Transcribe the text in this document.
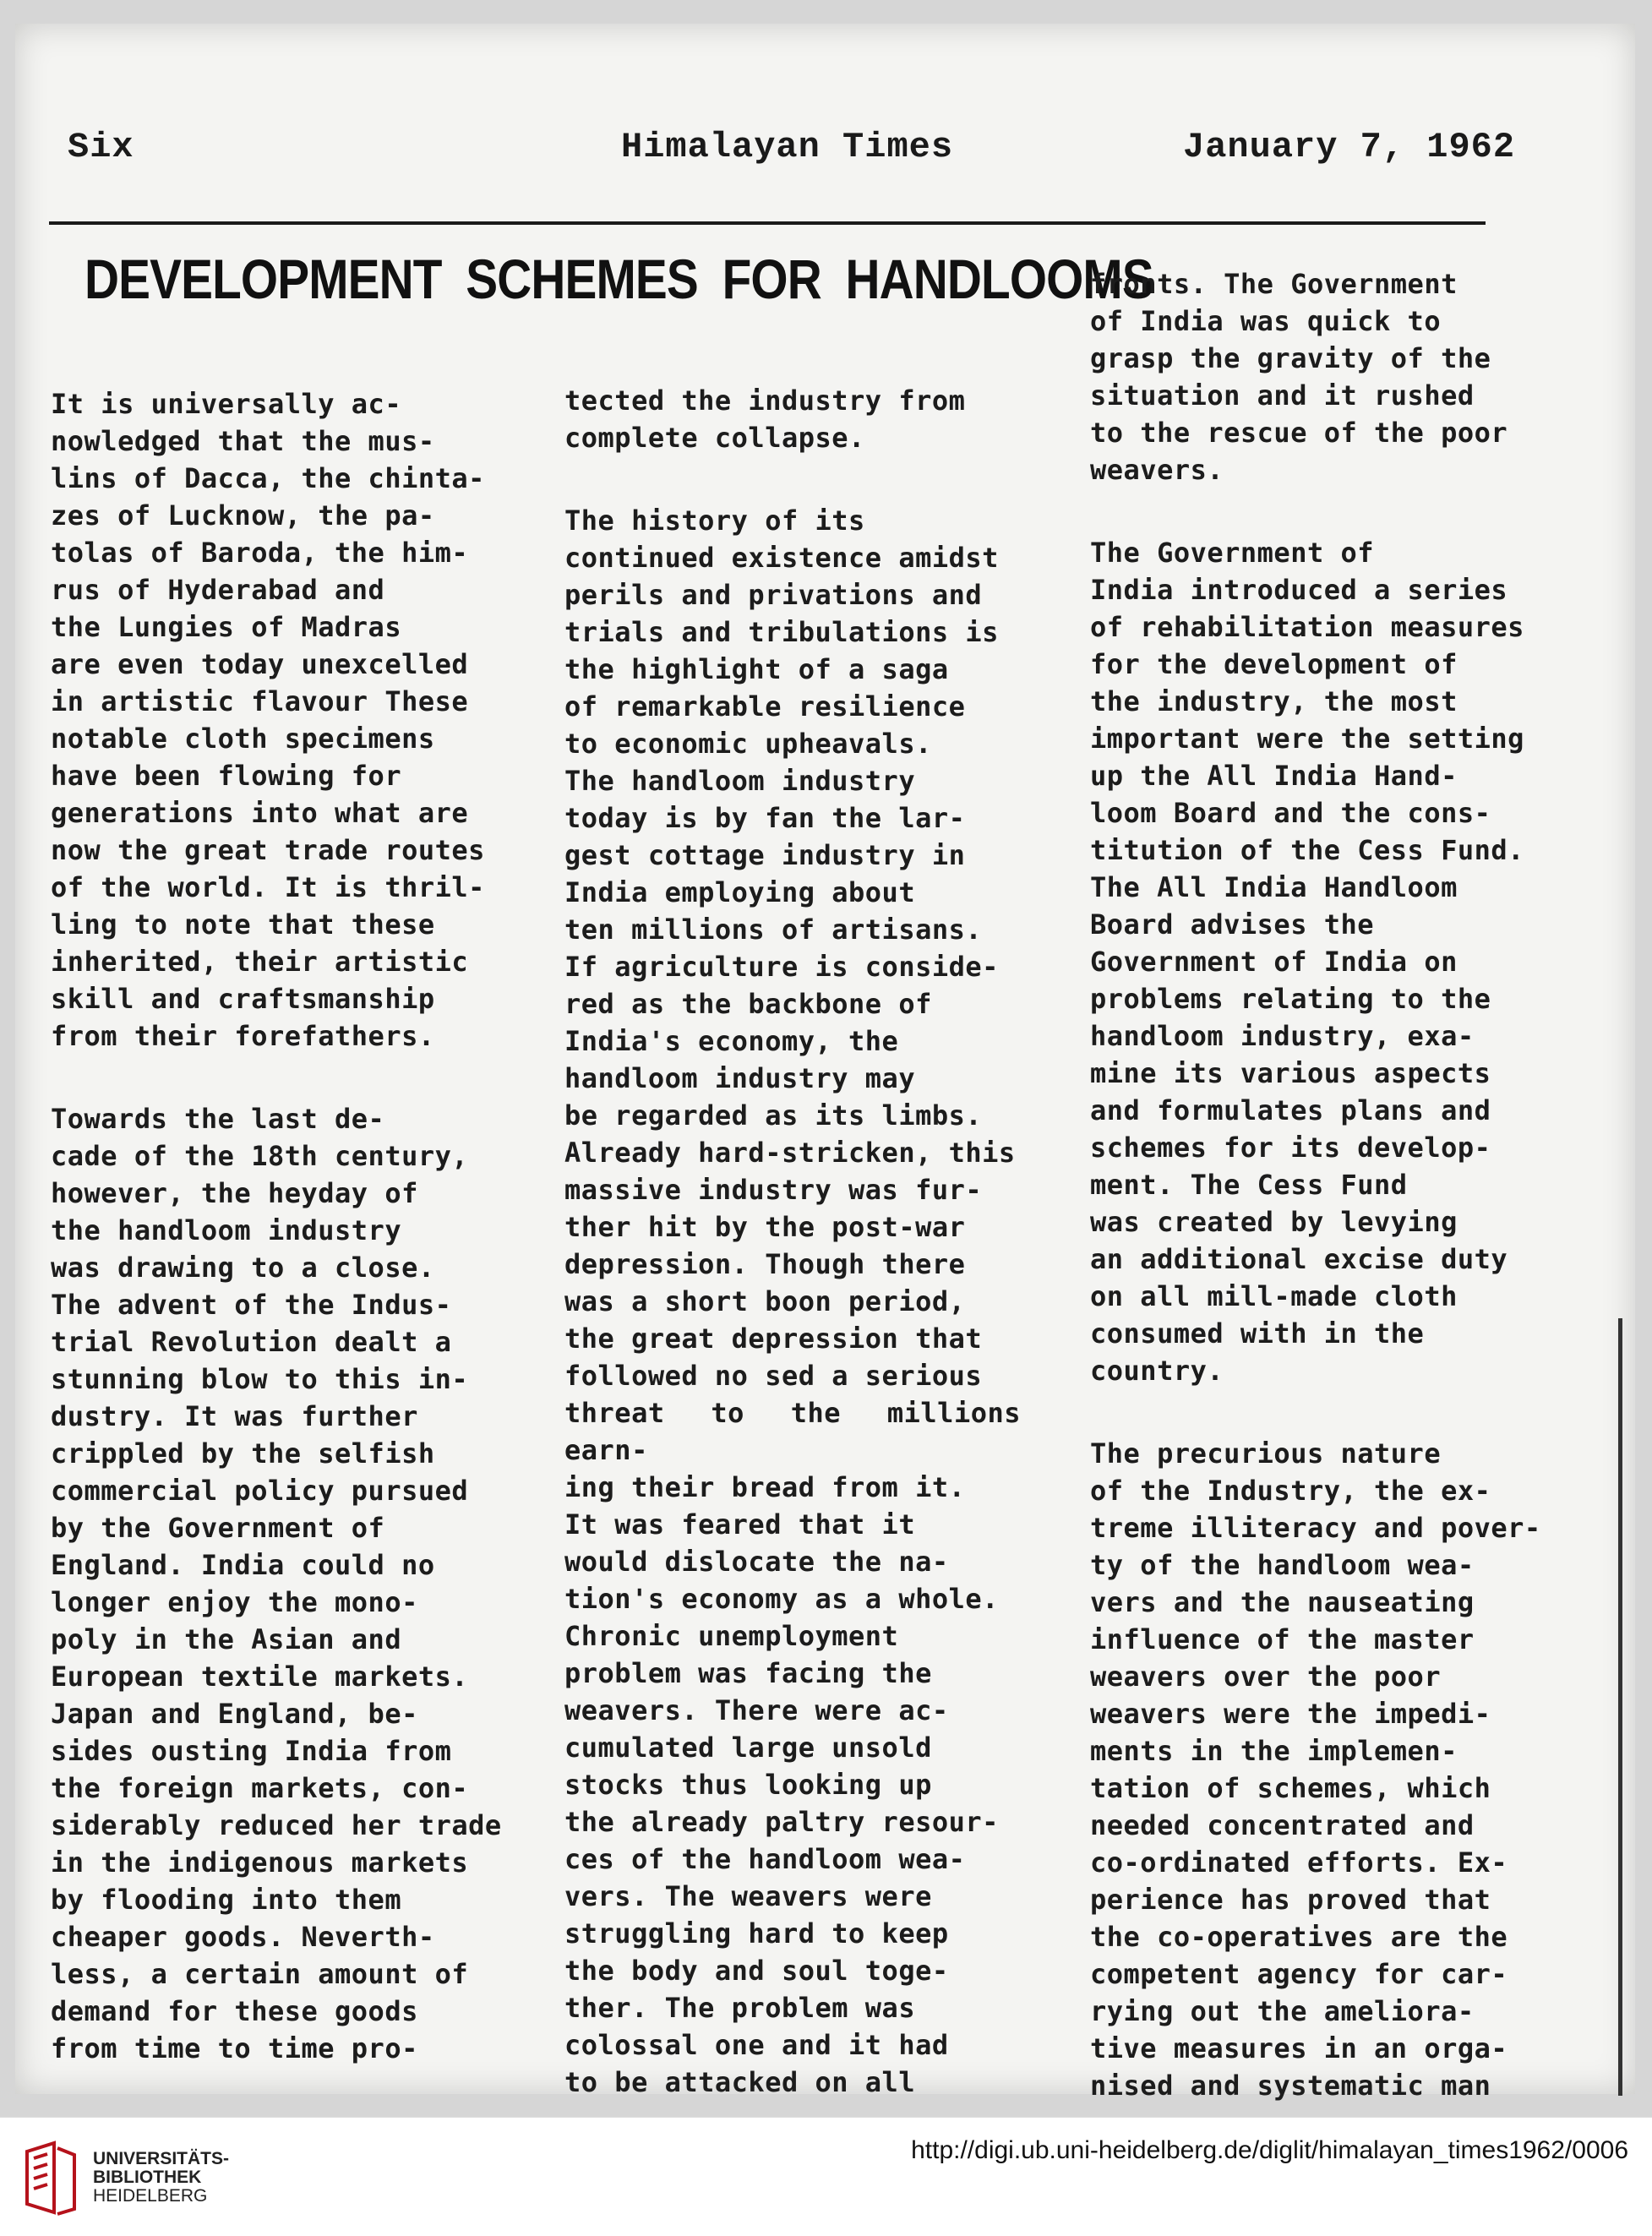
Six	Himalayan Times	January 7, 1962
DEVELOPMENT SCHEMES FOR HANDLOOMS

It is universally ac-
nowledged that the mus-
lins of Dacca, the chinta-
zes of Lucknow, the pa-
tolas of Baroda, the him-
rus of Hyderabad and
the Lungies of Madras
are even today unexcelled
in artistic flavour These
notable cloth specimens
have been flowing for
generations into what are
now the great trade routes
of the world. It is thril-
ling to note that these
inherited, their artistic
skill and craftsmanship
from their forefathers.

Towards the last de-
cade of the 18th century,
however, the heyday of
the handloom industry
was drawing to a close.
The advent of the Indus-
trial Revolution dealt a
stunning blow to this in-
dustry. It was further
crippled by the selfish
commercial policy pursued
by the Government of
England. India could no
longer enjoy the mono-
poly in the Asian and
European textile markets.
Japan and England, be-
sides ousting India from
the foreign markets, con-
siderably reduced her trade
in the indigenous markets
by flooding into them
cheaper goods. Neverth-
less, a certain amount of
demand for these goods
from time to time pro-

tected the industry from
complete collapse.

The history of its
continued existence amidst
perils and privations and
trials and tribulations is
the highlight of a saga
of remarkable resilience
to economic upheavals.
The handloom industry
today is by fan the lar-
gest cottage industry in
India employing about
ten millions of artisans.
If agriculture is conside-
red as the backbone of
India's economy, the
handloom industry may
be regarded as its limbs.
Already hard-stricken, this
massive industry was fur-
ther hit by the post-war
depression. Though there
was a short boon period,
the great depression that
followed no sed a serious
threat to the millions earn-
ing their bread from it.
It was feared that it
would dislocate the na-
tion's economy as a whole.
Chronic unemployment
problem was facing the
weavers. There were ac-
cumulated large unsold
stocks thus looking up
the already paltry resour-
ces of the handloom wea-
vers. The weavers were
struggling hard to keep
the body and soul toge-
ther. The problem was
colossal one and it had
to be attacked on all

fronts. The Government
of India was quick to
grasp the gravity of the
situation and it rushed
to the rescue of the poor
weavers.

The Government of
India introduced a series
of rehabilitation measures
for the development of
the industry, the most
important were the setting
up the All India Hand-
loom Board and the cons-
titution of the Cess Fund.
The All India Handloom
Board advises the
Government of India on
problems relating to the
handloom industry, exa-
mine its various aspects
and formulates plans and
schemes for its develop-
ment. The Cess Fund
was created by levying
an additional excise duty
on all mill-made cloth
consumed with in the
country.

The precurious nature
of the Industry, the ex-
treme illiteracy and pover-
ty of the handloom wea-
vers and the nauseating
influence of the master
weavers over the poor
weavers were the impedi-
ments in the implemen-
tation of schemes, which
needed concentrated and
co-ordinated efforts. Ex-
perience has proved that
the co-operatives are the
competent agency for car-
rying out the ameliora-
tive measures in an orga-
nised and systematic man

UNIVERSITÄTS-
BIBLIOTHEK
HEIDELBERG
http://digi.ub.uni-heidelberg.de/diglit/himalayan_times1962/0006
